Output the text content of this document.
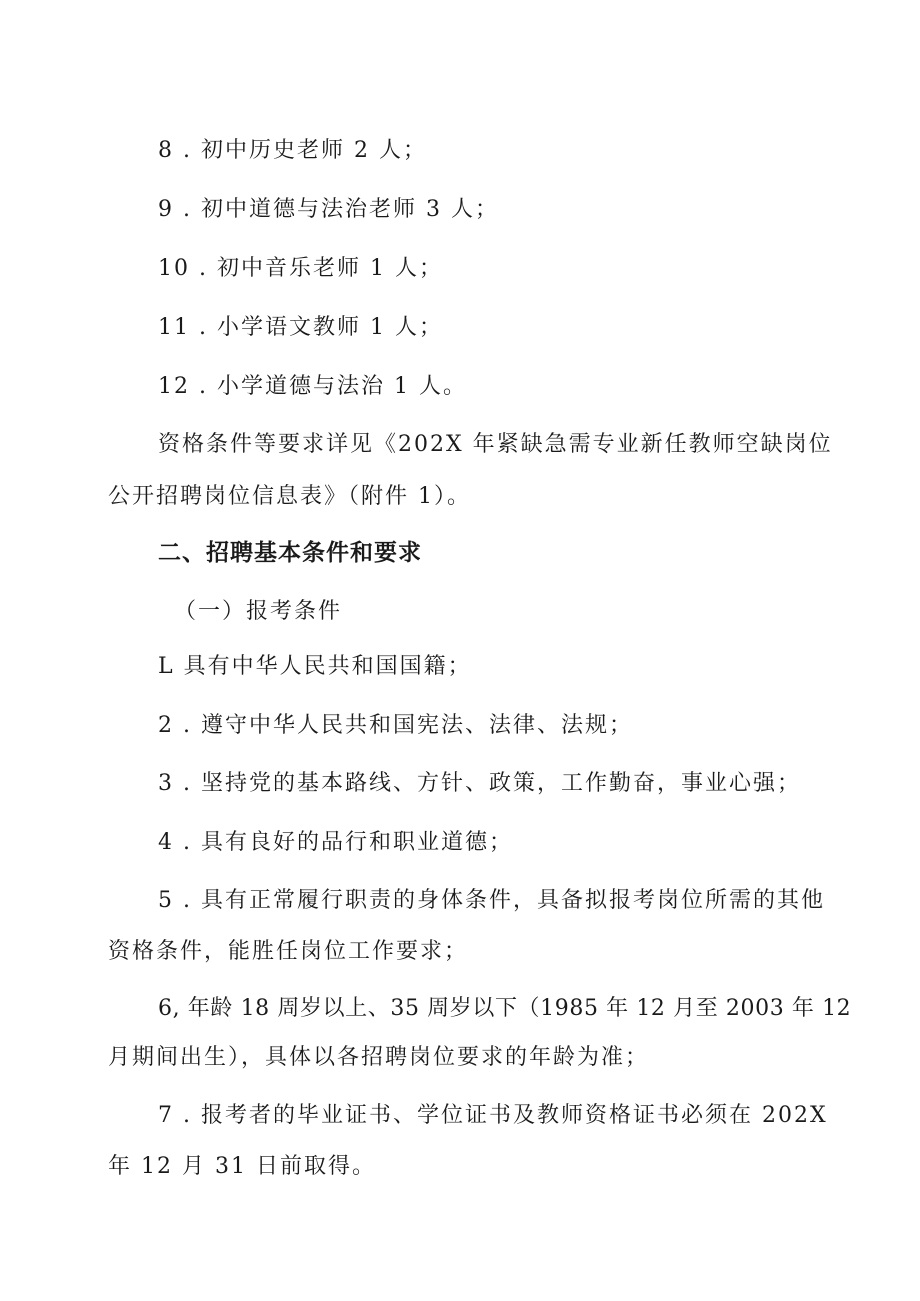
8 . 初中历史老师 2 人；
9 . 初中道德与法治老师 3 人；
10 . 初中音乐老师 1 人；
11 . 小学语文教师 1 人；
12 . 小学道德与法治 1 人。
资格条件等要求详见《202X 年紧缺急需专业新任教师空缺岗位
公开招聘岗位信息表》（附件 1）。
二、招聘基本条件和要求
（一）报考条件
L 具有中华人民共和国国籍；
2 . 遵守中华人民共和国宪法、法律、法规；
3 . 坚持党的基本路线、方针、政策，工作勤奋，事业心强；
4 . 具有良好的品行和职业道德；
5 . 具有正常履行职责的身体条件，具备拟报考岗位所需的其他
资格条件，能胜任岗位工作要求；
6, 年龄 18 周岁以上、35 周岁以下（1985 年 12 月至 2003 年 12
月期间出生），具体以各招聘岗位要求的年龄为准；
7 . 报考者的毕业证书、学位证书及教师资格证书必须在 202X
年 12 月 31 日前取得。
